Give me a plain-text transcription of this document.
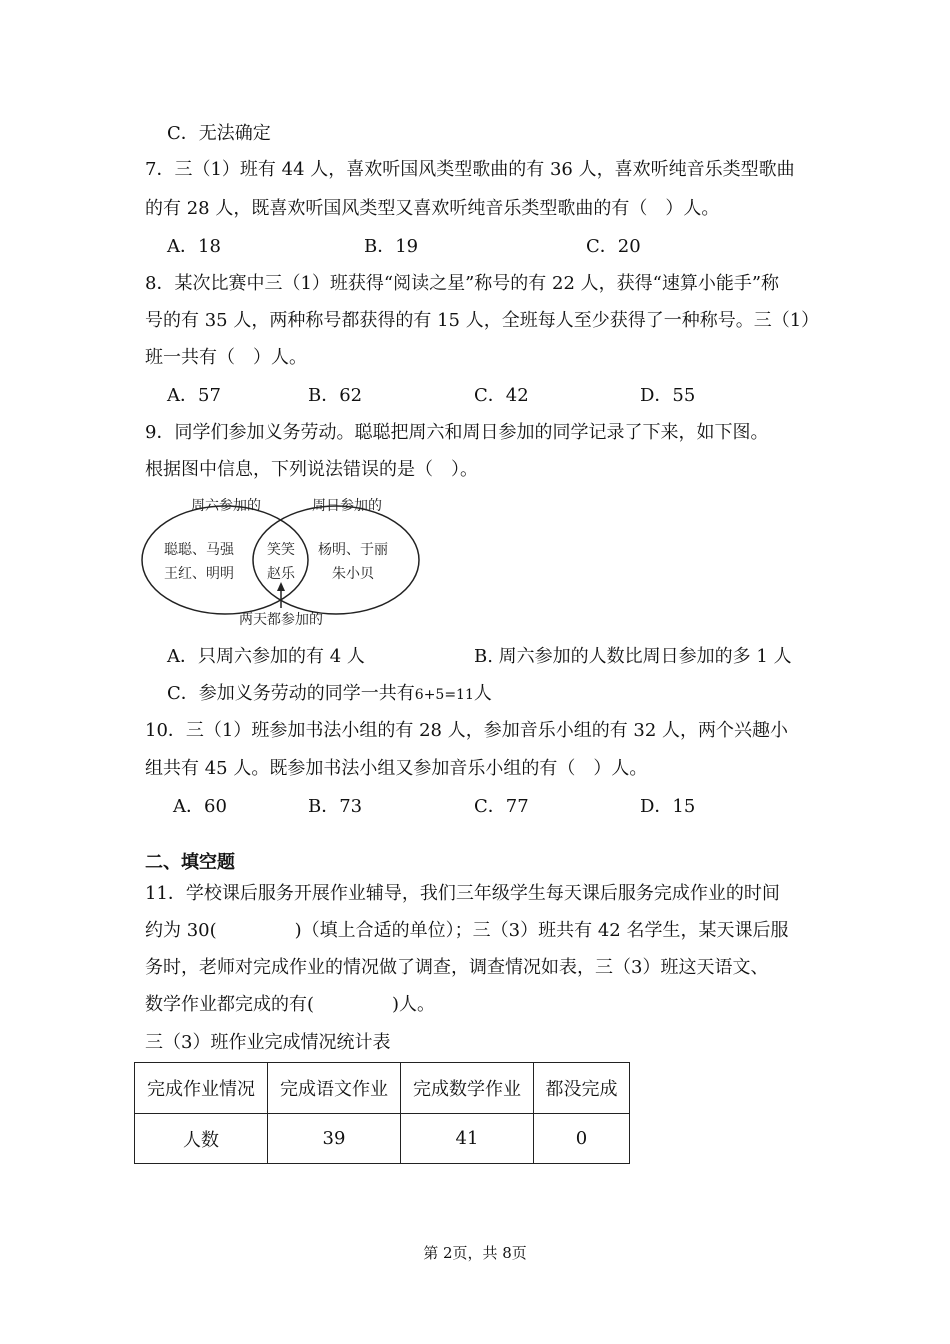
C．无法确定
7．三（1）班有 44 人，喜欢听国风类型歌曲的有 36 人，喜欢听纯音乐类型歌曲
的有 28 人，既喜欢听国风类型又喜欢听纯音乐类型歌曲的有（　）人。
A．18	B．19	C．20
8．某次比赛中三（1）班获得“阅读之星”称号的有 22 人，获得“速算小能手”称
号的有 35 人，两种称号都获得的有 15 人，全班每人至少获得了一种称号。三（1）
班一共有（　）人。
A．57	B．62	C．42	D．55
9．同学们参加义务劳动。聪聪把周六和周日参加的同学记录了下来，如下图。
根据图中信息，下列说法错误的是（　）。
周六参加的	周日参加的
聪聪、马强
王红、明明
笑笑
赵乐
杨明、于丽
朱小贝
两天都参加的
A．只周六参加的有 4 人	B. 周六参加的人数比周日参加的多 1 人
C．参加义务劳动的同学一共有6+5=11人
10．三（1）班参加书法小组的有 28 人，参加音乐小组的有 32 人，两个兴趣小
组共有 45 人。既参加书法小组又参加音乐小组的有（　）人。
A．60	B．73	C．77	D．15
二、填空题
11．学校课后服务开展作业辅导，我们三年级学生每天课后服务完成作业的时间
约为 30(	)（填上合适的单位）；三（3）班共有 42 名学生，某天课后服
务时，老师对完成作业的情况做了调查，调查情况如表，三（3）班这天语文、
数学作业都完成的有(	)人。
三（3）班作业完成情况统计表
完成作业情况	完成语文作业	完成数学作业	都没完成
人数	39	41	0
第 2页，共 8页
